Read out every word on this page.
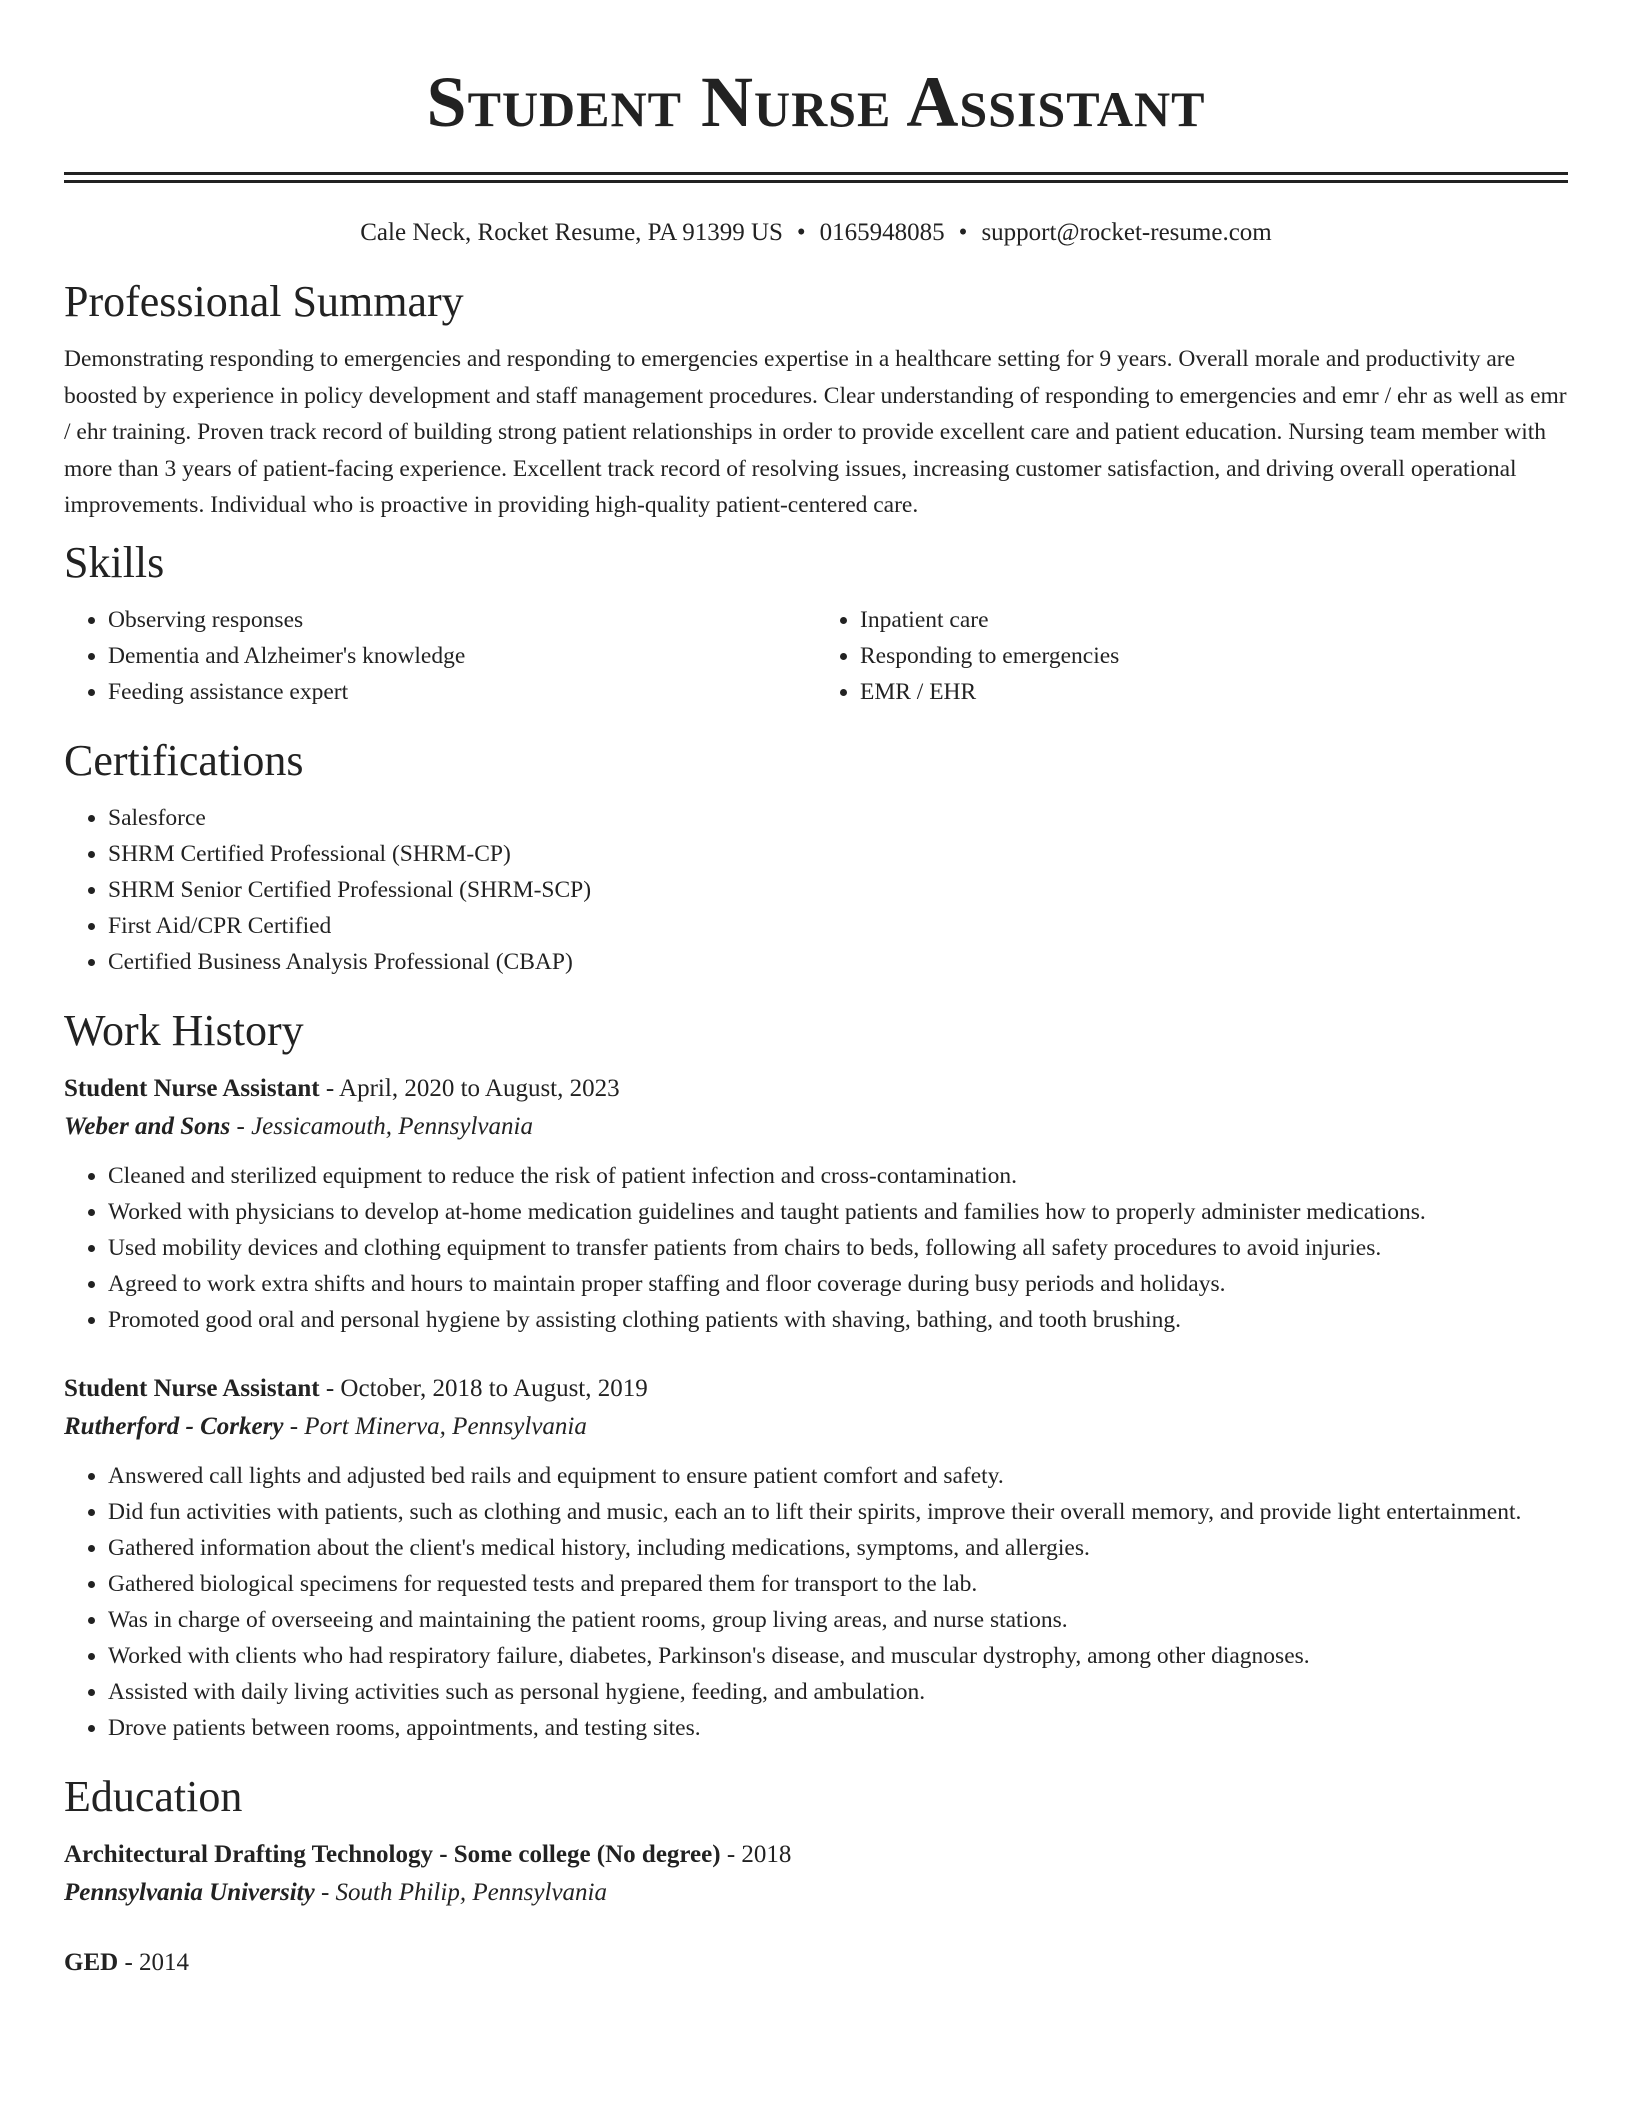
Student Nurse Assistant
Cale Neck, Rocket Resume, PA 91399 US • 0165948085 • support@rocket-resume.com
Professional Summary

Demonstrating responding to emergencies and responding to emergencies expertise in a healthcare setting for 9 years. Overall morale and productivity are boosted by experience in policy development and staff management procedures. Clear understanding of responding to emergencies and emr / ehr as well as emr / ehr training. Proven track record of building strong patient relationships in order to provide excellent care and patient education. Nursing team member with more than 3 years of patient-facing experience. Excellent track record of resolving issues, increasing customer satisfaction, and driving overall operational improvements. Individual who is proactive in providing high-quality patient-centered care.

Skills
• Observing responses
• Dementia and Alzheimer's knowledge
• Feeding assistance expert
• Inpatient care
• Responding to emergencies
• EMR / EHR
Certifications
• Salesforce
• SHRM Certified Professional (SHRM-CP)
• SHRM Senior Certified Professional (SHRM-SCP)
• First Aid/CPR Certified
• Certified Business Analysis Professional (CBAP)
Work History
Student Nurse Assistant - April, 2020 to August, 2023
Weber and Sons - Jessicamouth, Pennsylvania
• Cleaned and sterilized equipment to reduce the risk of patient infection and cross-contamination.
• Worked with physicians to develop at-home medication guidelines and taught patients and families how to properly administer medications.
• Used mobility devices and clothing equipment to transfer patients from chairs to beds, following all safety procedures to avoid injuries.
• Agreed to work extra shifts and hours to maintain proper staffing and floor coverage during busy periods and holidays.
• Promoted good oral and personal hygiene by assisting clothing patients with shaving, bathing, and tooth brushing.
Student Nurse Assistant - October, 2018 to August, 2019
Rutherford - Corkery - Port Minerva, Pennsylvania
• Answered call lights and adjusted bed rails and equipment to ensure patient comfort and safety.
• Did fun activities with patients, such as clothing and music, each an to lift their spirits, improve their overall memory, and provide light entertainment.
• Gathered information about the client's medical history, including medications, symptoms, and allergies.
• Gathered biological specimens for requested tests and prepared them for transport to the lab.
• Was in charge of overseeing and maintaining the patient rooms, group living areas, and nurse stations.
• Worked with clients who had respiratory failure, diabetes, Parkinson's disease, and muscular dystrophy, among other diagnoses.
• Assisted with daily living activities such as personal hygiene, feeding, and ambulation.
• Drove patients between rooms, appointments, and testing sites.
Education
Architectural Drafting Technology - Some college (No degree) - 2018
Pennsylvania University - South Philip, Pennsylvania
GED - 2014
